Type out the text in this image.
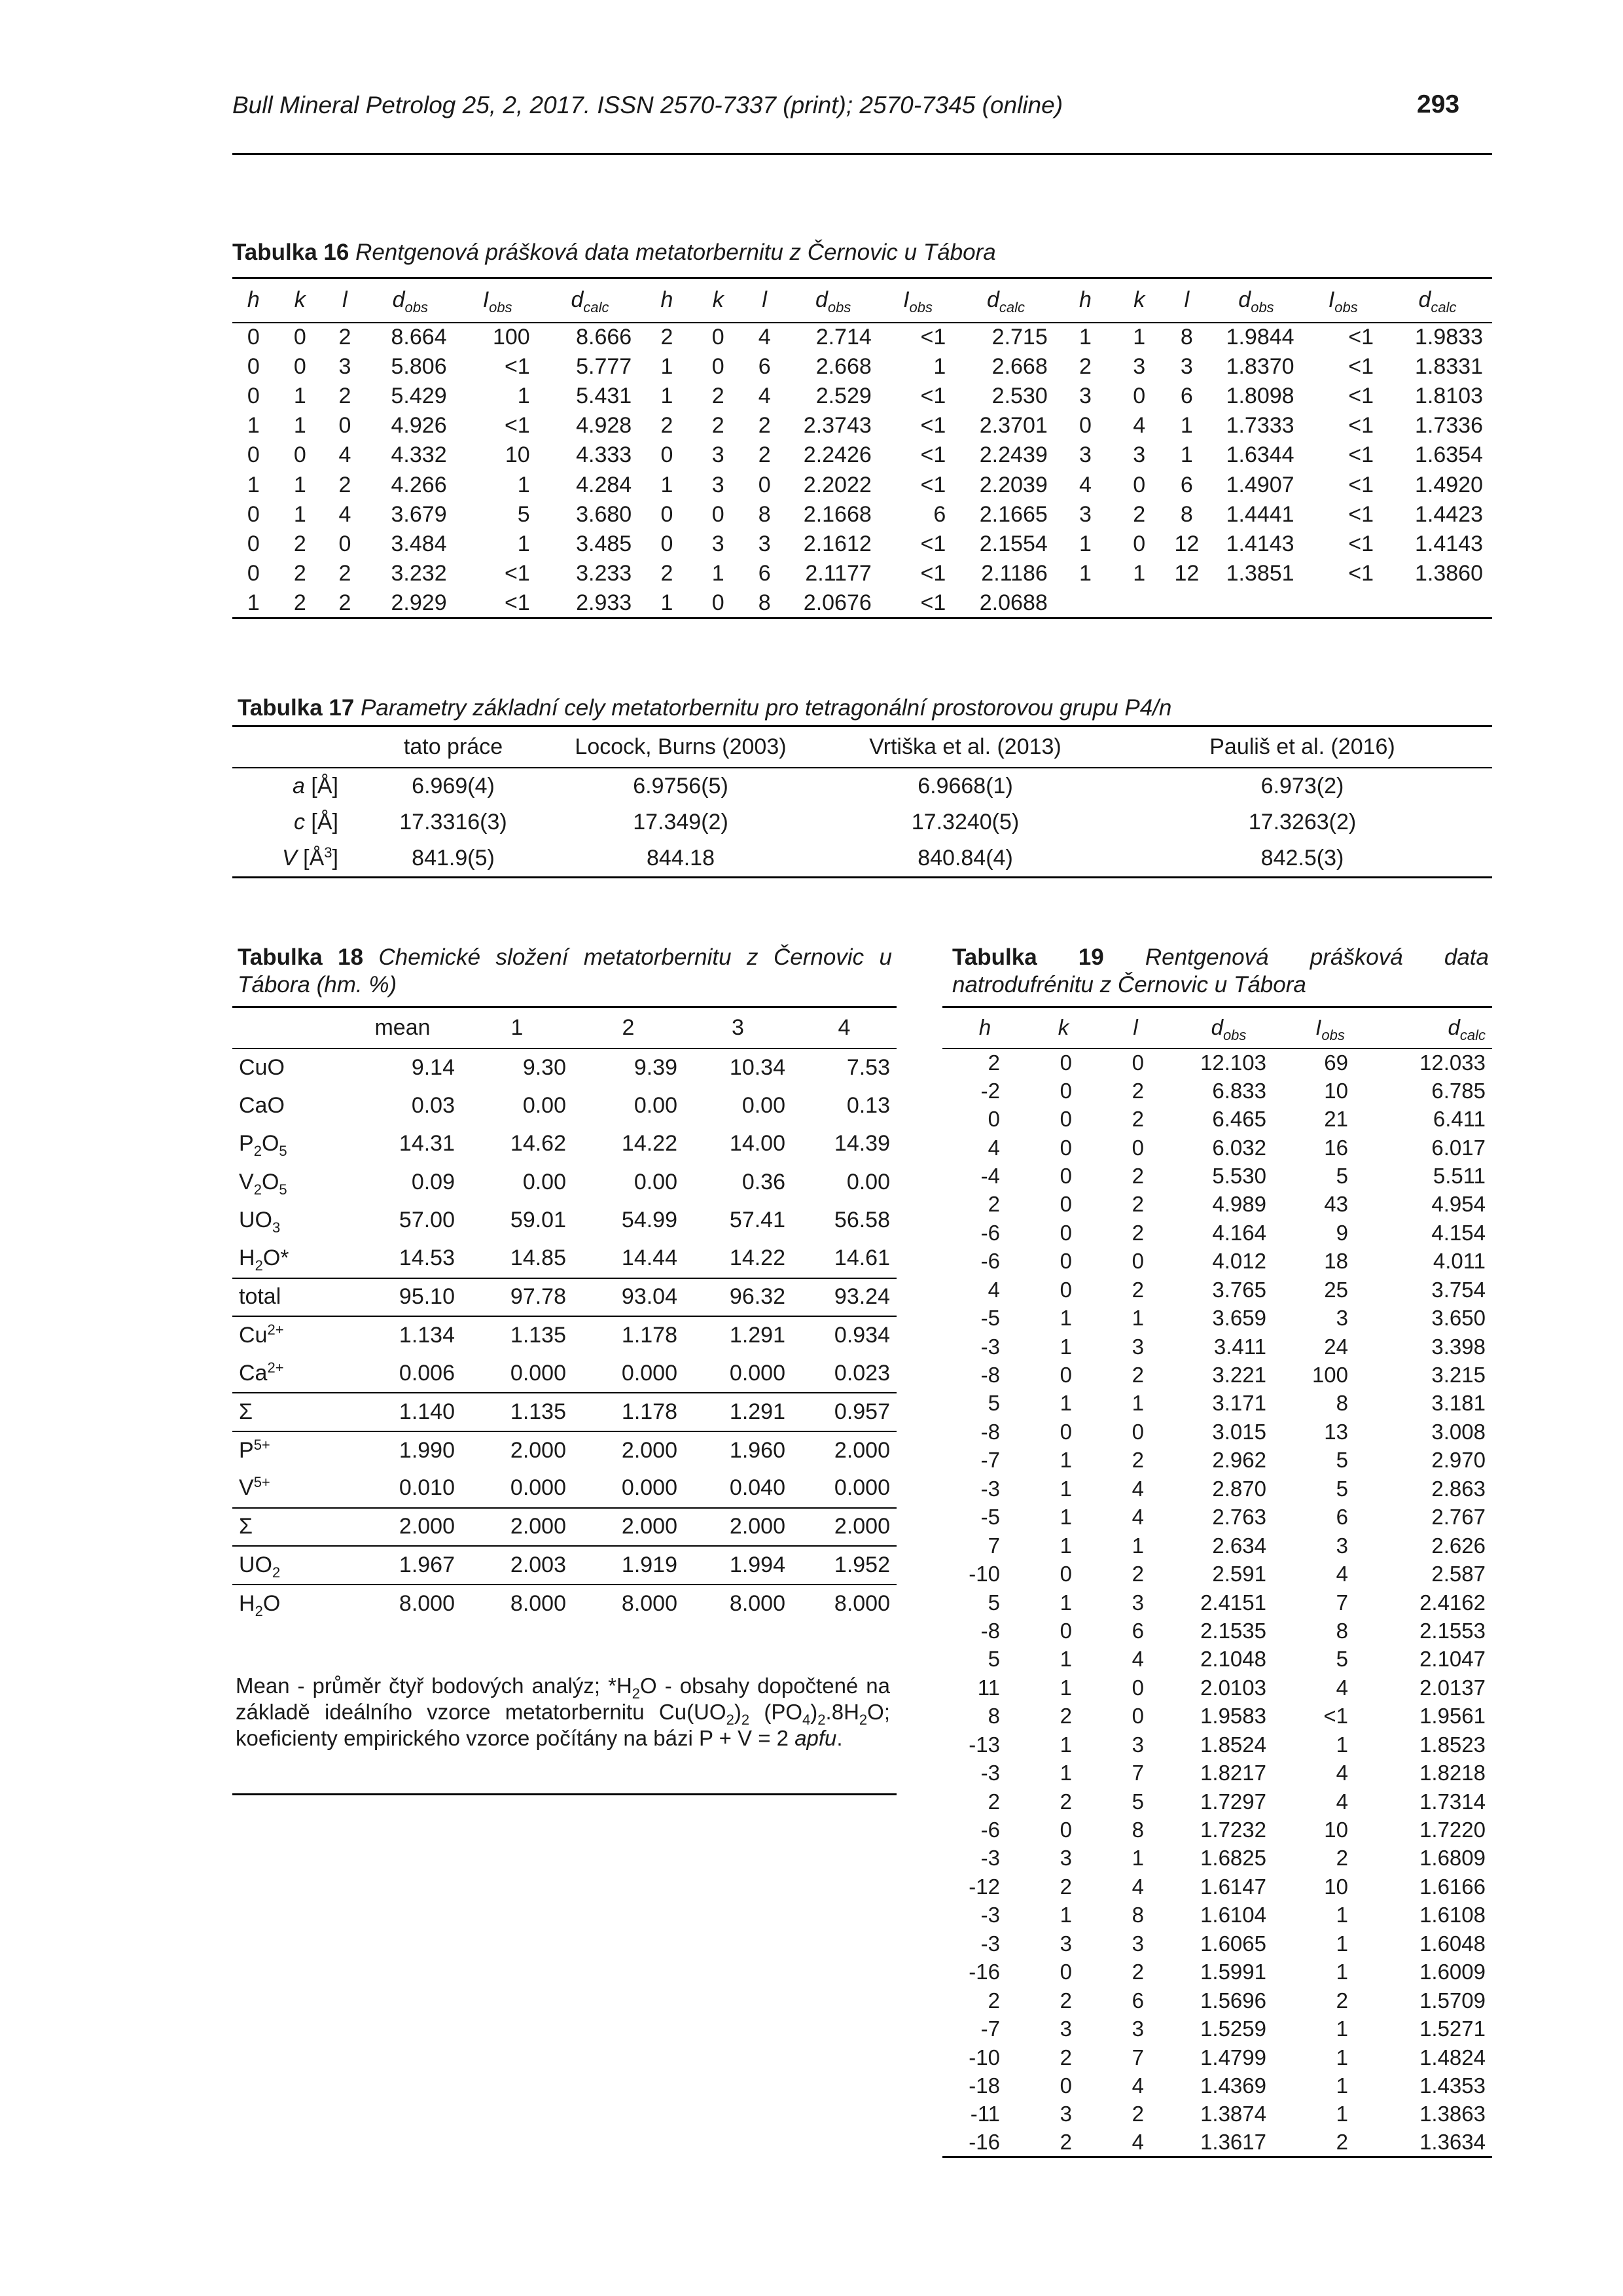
Bull Mineral Petrolog 25, 2, 2017. ISSN 2570-7337 (print); 2570-7345 (online)	293
Tabulka 16 Rentgenová prášková data metatorbernitu z Černovic u Tábora
h	k	l	$d_{obs}$	$I_{obs}$	$d_{calc}$	h	k	l	$d_{obs}$	$I_{obs}$	$d_{calc}$	h	k	l	$d_{obs}$	$I_{obs}$	$d_{calc}$
0	0	2	8.664	100	8.666	2	0	4	2.714	<1	2.715	1	1	8	1.9844	<1	1.9833
0	0	3	5.806	<1	5.777	1	0	6	2.668	1	2.668	2	3	3	1.8370	<1	1.8331
0	1	2	5.429	1	5.431	1	2	4	2.529	<1	2.530	3	0	6	1.8098	<1	1.8103
1	1	0	4.926	<1	4.928	2	2	2	2.3743	<1	2.3701	0	4	1	1.7333	<1	1.7336
0	0	4	4.332	10	4.333	0	3	2	2.2426	<1	2.2439	3	3	1	1.6344	<1	1.6354
1	1	2	4.266	1	4.284	1	3	0	2.2022	<1	2.2039	4	0	6	1.4907	<1	1.4920
0	1	4	3.679	5	3.680	0	0	8	2.1668	6	2.1665	3	2	8	1.4441	<1	1.4423
0	2	0	3.484	1	3.485	0	3	3	2.1612	<1	2.1554	1	0	12	1.4143	<1	1.4143
0	2	2	3.232	<1	3.233	2	1	6	2.1177	<1	2.1186	1	1	12	1.3851	<1	1.3860
1	2	2	2.929	<1	2.933	1	0	8	2.0676	<1	2.0688						
Tabulka 17 Parametry základní cely metatorbernitu pro tetragonální prostorovou grupu P4/n
	tato práce	Locock, Burns (2003)	Vrtiška et al. (2013)	Pauliš et al. (2016)
a [Å]	6.969(4)	6.9756(5)	6.9668(1)	6.973(2)
c [Å]	17.3316(3)	17.349(2)	17.3240(5)	17.3263(2)
V $[Å^3]$	841.9(5)	844.18	840.84(4)	842.5(3)
Tabulka 18 Chemické složení metatorbernitu z Černovic u Tábora (hm. %)
	mean	1	2	3	4
CuO	9.14	9.30	9.39	10.34	7.53
CaO	0.03	0.00	0.00	0.00	0.13
$P_2O_5$	14.31	14.62	14.22	14.00	14.39
$V_2O_5$	0.09	0.00	0.00	0.36	0.00
$UO_3$	57.00	59.01	54.99	57.41	56.58
$H_2O*$	14.53	14.85	14.44	14.22	14.61
total	95.10	97.78	93.04	96.32	93.24
$Cu^{2+}$	1.134	1.135	1.178	1.291	0.934
$Ca^{2+}$	0.006	0.000	0.000	0.000	0.023
Σ	1.140	1.135	1.178	1.291	0.957
$P^{5+}$	1.990	2.000	2.000	1.960	2.000
$V^{5+}$	0.010	0.000	0.000	0.040	0.000
Σ	2.000	2.000	2.000	2.000	2.000
$UO_2$	1.967	2.003	1.919	1.994	1.952
$H_2O$	8.000	8.000	8.000	8.000	8.000
Mean - průměr čtyř bodových analýz; $*H_2O$ - obsahy dopočtené na základě ideálního vzorce metatorbernitu $Cu(UO_2)_2$ $(PO_4)_2.8H_2O$; koeficienty empirického vzorce počítány na bázi P + V = 2 apfu.
Tabulka 19 Rentgenová prášková data natrodufrénitu z Černovic u Tábora
h	k	l	$d_{obs}$	$I_{obs}$	$d_{calc}$
2	0	0	12.103	69	12.033
-2	0	2	6.833	10	6.785
0	0	2	6.465	21	6.411
4	0	0	6.032	16	6.017
-4	0	2	5.530	5	5.511
2	0	2	4.989	43	4.954
-6	0	2	4.164	9	4.154
-6	0	0	4.012	18	4.011
4	0	2	3.765	25	3.754
-5	1	1	3.659	3	3.650
-3	1	3	3.411	24	3.398
-8	0	2	3.221	100	3.215
5	1	1	3.171	8	3.181
-8	0	0	3.015	13	3.008
-7	1	2	2.962	5	2.970
-3	1	4	2.870	5	2.863
-5	1	4	2.763	6	2.767
7	1	1	2.634	3	2.626
-10	0	2	2.591	4	2.587
5	1	3	2.4151	7	2.4162
-8	0	6	2.1535	8	2.1553
5	1	4	2.1048	5	2.1047
11	1	0	2.0103	4	2.0137
8	2	0	1.9583	<1	1.9561
-13	1	3	1.8524	1	1.8523
-3	1	7	1.8217	4	1.8218
2	2	5	1.7297	4	1.7314
-6	0	8	1.7232	10	1.7220
-3	3	1	1.6825	2	1.6809
-12	2	4	1.6147	10	1.6166
-3	1	8	1.6104	1	1.6108
-3	3	3	1.6065	1	1.6048
-16	0	2	1.5991	1	1.6009
2	2	6	1.5696	2	1.5709
-7	3	3	1.5259	1	1.5271
-10	2	7	1.4799	1	1.4824
-18	0	4	1.4369	1	1.4353
-11	3	2	1.3874	1	1.3863
-16	2	4	1.3617	2	1.3634
